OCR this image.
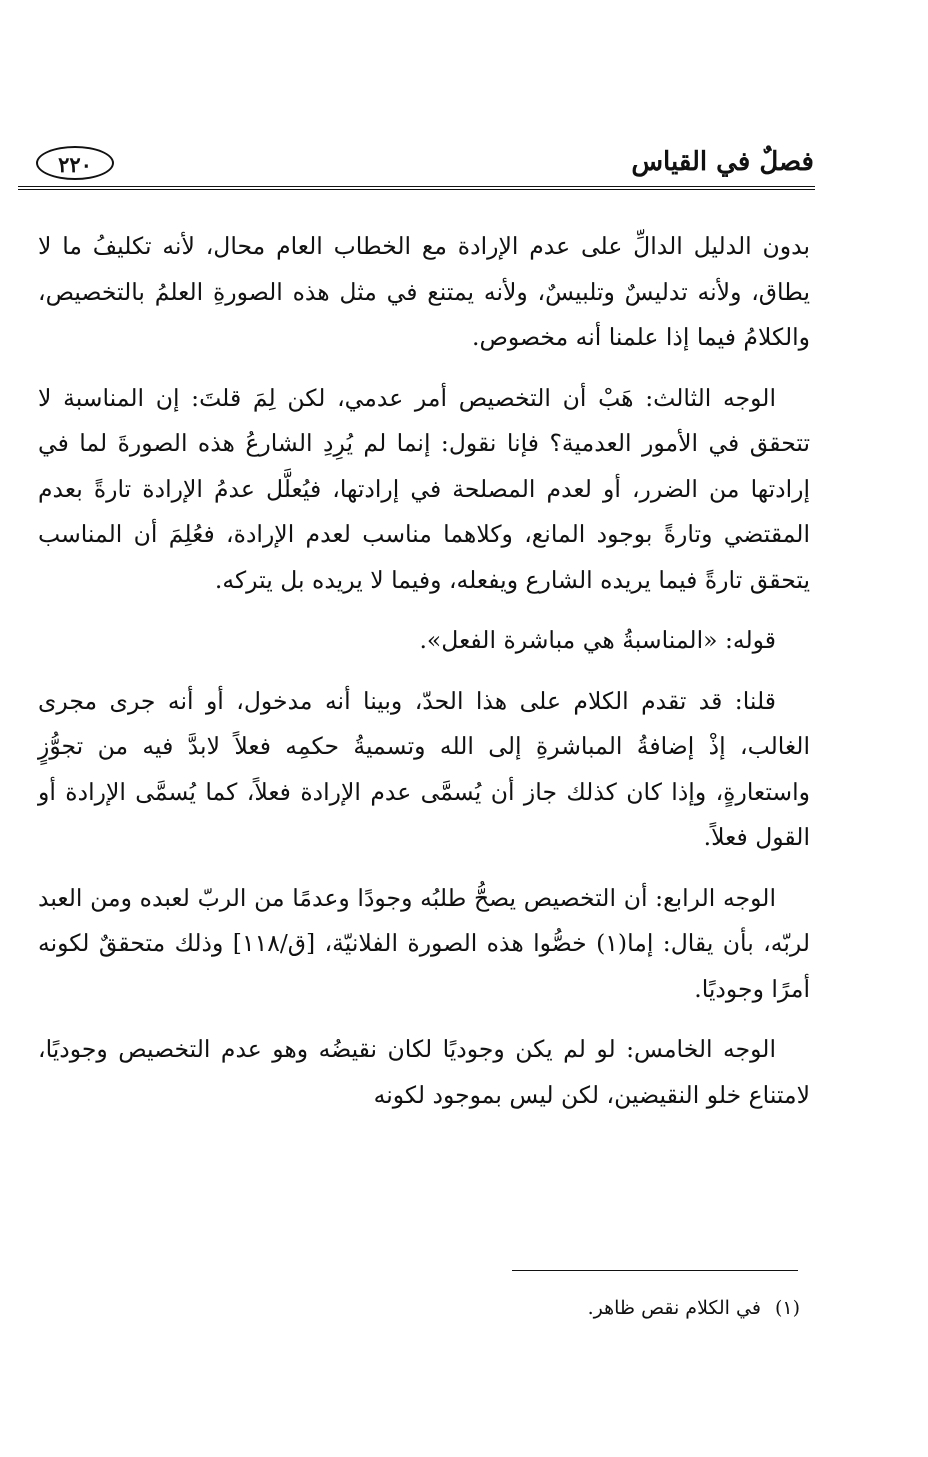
فصلٌ في القياس
٢٢٠

بدون الدليل الدالِّ على عدم الإرادة مع الخطاب العام محال، لأنه تكليفُ ما لا يطاق، ولأنه تدليسٌ وتلبيسٌ، ولأنه يمتنع في مثل هذه الصورةِ العلمُ بالتخصيص، والكلامُ فيما إذا علمنا أنه مخصوص.

الوجه الثالث: هَبْ أن التخصيص أمر عدمي، لكن لِمَ قلتَ: إن المناسبة لا تتحقق في الأمور العدمية؟ فإنا نقول: إنما لم يُرِدِ الشارعُ هذه الصورةَ لما في إرادتها من الضرر، أو لعدم المصلحة في إرادتها، فيُعلَّل عدمُ الإرادة تارةً بعدم المقتضي وتارةً بوجود المانع، وكلاهما مناسب لعدم الإرادة، فعُلِمَ أن المناسب يتحقق تارةً فيما يريده الشارع ويفعله، وفيما لا يريده بل يتركه.

قوله: «المناسبةُ هي مباشرة الفعل».

قلنا: قد تقدم الكلام على هذا الحدّ، وبينا أنه مدخول، أو أنه جرى مجرى الغالب، إذْ إضافةُ المباشرةِ إلى الله وتسميةُ حكمِه فعلاً لابدَّ فيه من تجوُّزٍ واستعارةٍ، وإذا كان كذلك جاز أن يُسمَّى عدم الإرادة فعلاً، كما يُسمَّى الإرادة أو القول فعلاً.

الوجه الرابع: أن التخصيص يصحُّ طلبُه وجودًا وعدمًا من الربّ لعبده ومن العبد لربّه، بأن يقال: إما(١) خصُّوا هذه الصورة الفلانيّة، [ق/١١٨] وذلك متحققٌ لكونه أمرًا وجوديًا.

الوجه الخامس: لو لم يكن وجوديًا لكان نقيضُه وهو عدم التخصيص وجوديًا، لامتناع خلو النقيضين، لكن ليس بموجود لكونه

(١)في الكلام نقص ظاهر.
